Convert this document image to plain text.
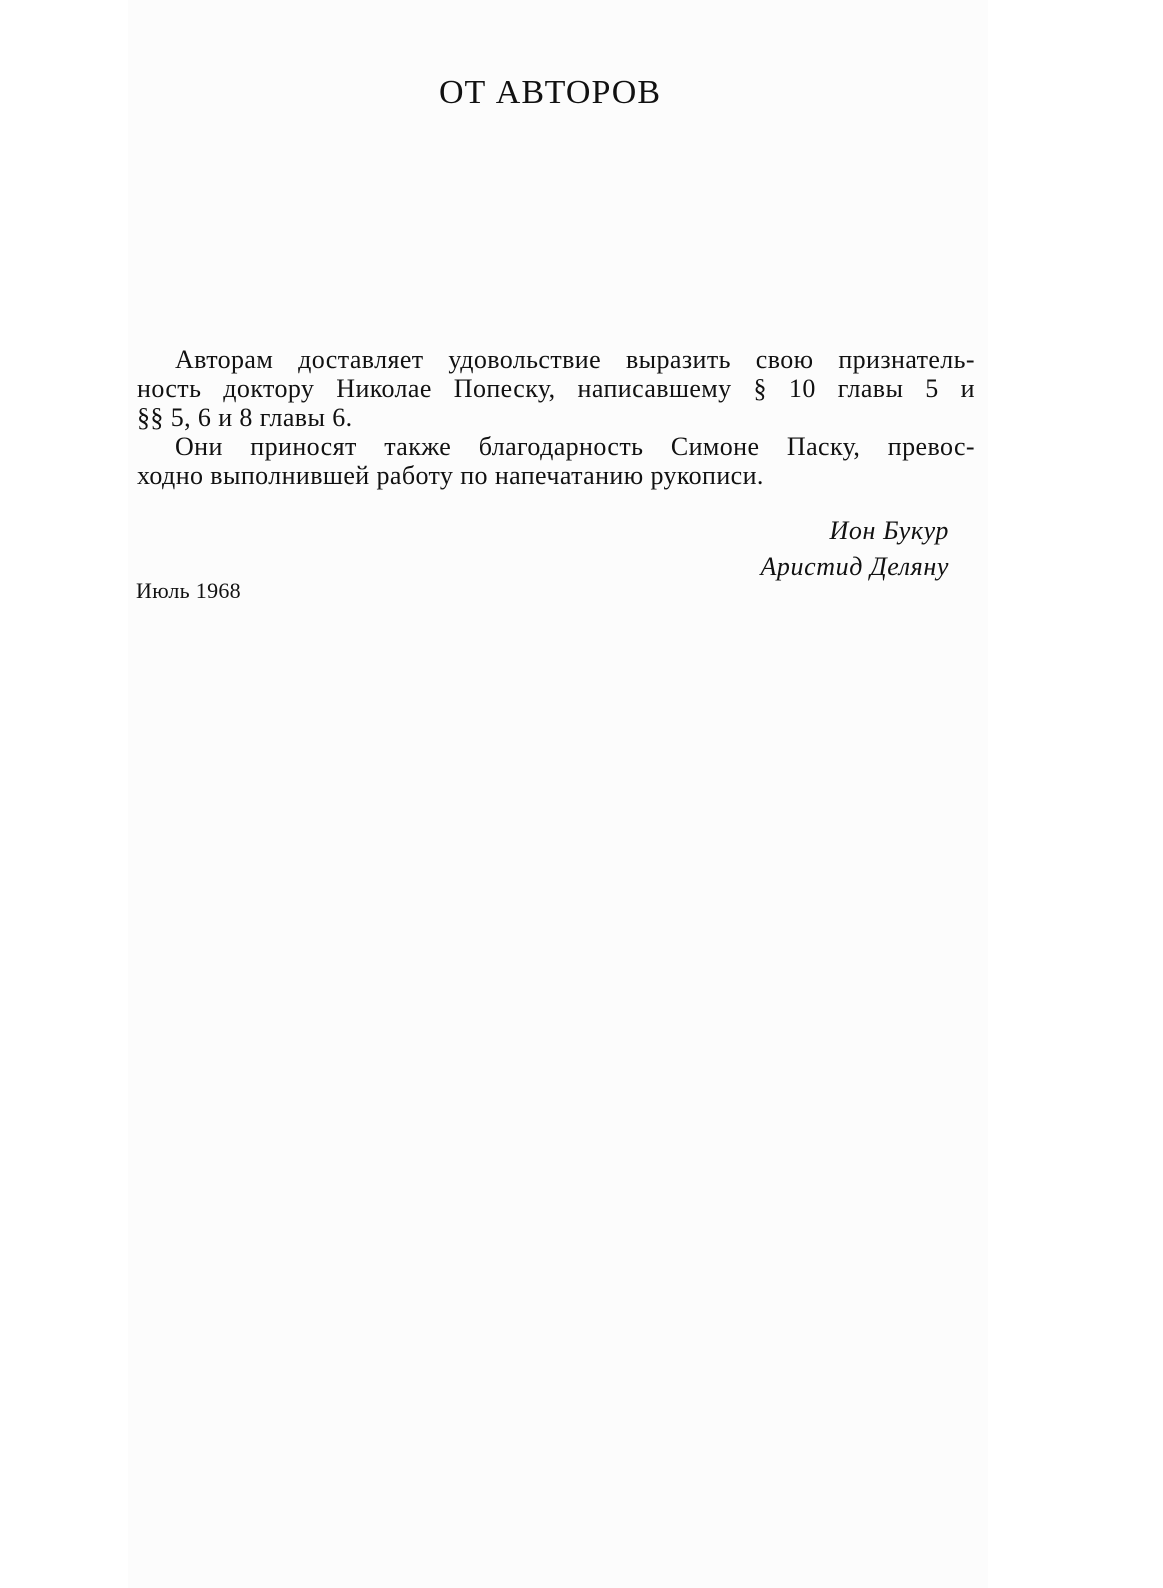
ОТ АВТОРОВ
Авторам доставляет удовольствие выразить свою признатель-
ность доктору Николае Попеску, написавшему § 10 главы 5 и
§§ 5, 6 и 8 главы 6.
Они приносят также благодарность Симоне Паску, превос-
ходно выполнившей работу по напечатанию рукописи.
Ион Букур
Аристид Деляну
Июль 1968
